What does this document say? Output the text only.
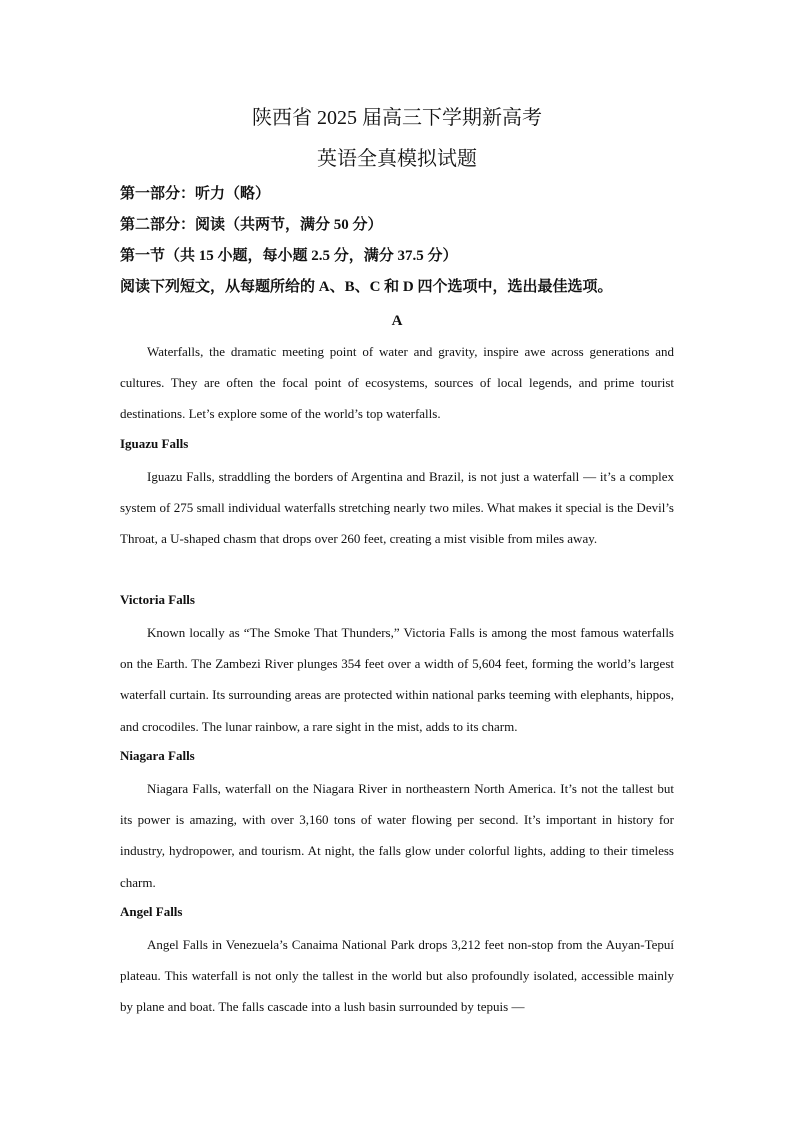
陕西省 2025 届高三下学期新高考
英语全真模拟试题
第一部分：听力（略）
第二部分：阅读（共两节，满分 50 分）
第一节（共 15 小题，每小题 2.5 分，满分 37.5 分）
阅读下列短文，从每题所给的 A、B、C 和 D 四个选项中，选出最佳选项。
A

Waterfalls, the dramatic meeting point of water and gravity, inspire awe across generations and cultures. They are often the focal point of ecosystems, sources of local legends, and prime tourist destinations. Let’s explore some of the world’s top waterfalls.

Iguazu Falls

Iguazu Falls, straddling the borders of Argentina and Brazil, is not just a waterfall — it’s a complex system of 275 small individual waterfalls stretching nearly two miles. What makes it special is the Devil’s Throat, a U-shaped chasm that drops over 260 feet, creating a mist visible from miles away.

Victoria Falls

Known locally as “The Smoke That Thunders,” Victoria Falls is among the most famous waterfalls on the Earth. The Zambezi River plunges 354 feet over a width of 5,604 feet, forming the world’s largest waterfall curtain. Its surrounding areas are protected within national parks teeming with elephants, hippos, and crocodiles. The lunar rainbow, a rare sight in the mist, adds to its charm.

Niagara Falls

Niagara Falls, waterfall on the Niagara River in northeastern North America. It’s not the tallest but its power is amazing, with over 3,160 tons of water flowing per second. It’s important in history for industry, hydropower, and tourism. At night, the falls glow under colorful lights, adding to their timeless charm.

Angel Falls

Angel Falls in Venezuela’s Canaima National Park drops 3,212 feet non-stop from the Auyan-Tepuí plateau. This waterfall is not only the tallest in the world but also profoundly isolated, accessible mainly by plane and boat. The falls cascade into a lush basin surrounded by tepuis —
